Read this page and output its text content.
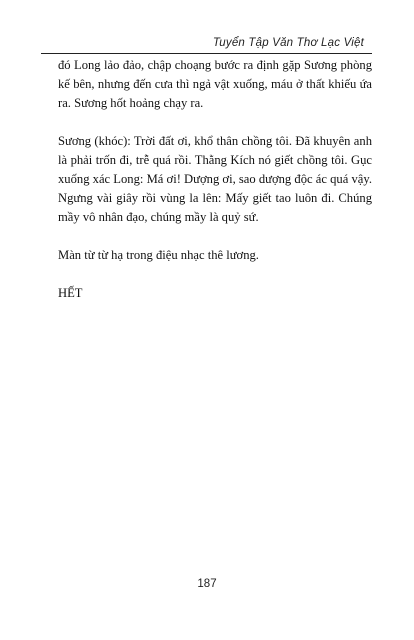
Tuyển Tập Văn Thơ Lạc Việt

đó Long lảo đảo, chập choạng bước ra định gặp Sương phòng kế bên, nhưng đến cưa thì ngả vật xuống, máu ở thất khiếu ứa ra. Sương hốt hoảng chạy ra.

Sương (khóc): Trời đất ơi, khổ thân chồng tôi. Đã khuyên anh là phải trốn đi, trễ quá rồi. Thằng Kích nó giết chồng tôi. Gục xuống xác Long: Má ơi! Dượng ơi, sao dượng độc ác quá vậy. Ngưng vài giây rồi vùng la lên: Mấy giết tao luôn đi. Chúng mầy vô nhân đạo, chúng mầy là quỷ sứ.

Màn từ từ hạ trong điệu nhạc thê lương.

HẾT

187
